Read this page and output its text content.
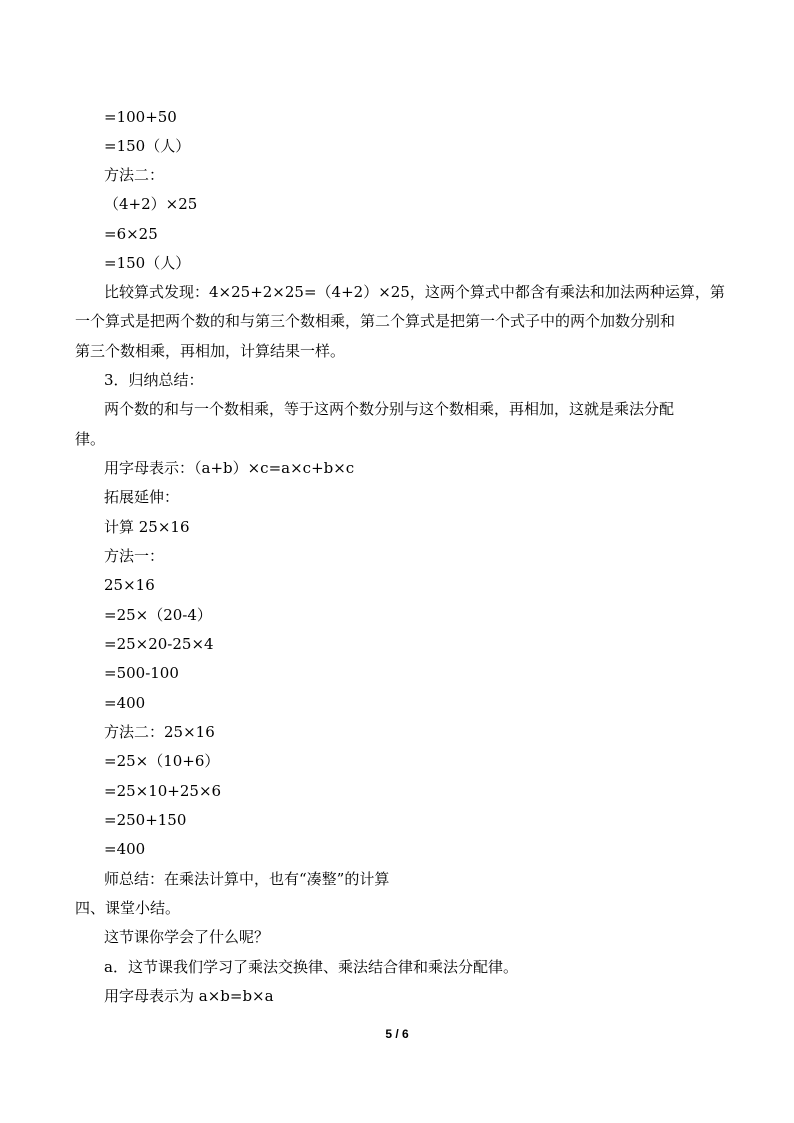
=100+50
=150（人）
方法二：
（4+2）×25
=6×25
=150（人）
比较算式发现：4×25+2×25=（4+2）×25，这两个算式中都含有乘法和加法两种运算，第
一个算式是把两个数的和与第三个数相乘，第二个算式是把第一个式子中的两个加数分别和
第三个数相乘，再相加，计算结果一样。
3．归纳总结：
两个数的和与一个数相乘，等于这两个数分别与这个数相乘，再相加，这就是乘法分配
律。
用字母表示：（a+b）×c=a×c+b×c
拓展延伸：
计算 25×16
方法一：
25×16
=25×（20-4）
=25×20-25×4
=500-100
=400
方法二：25×16
=25×（10+6）
=25×10+25×6
=250+150
=400
师总结：在乘法计算中，也有“凑整”的计算
四、课堂小结。
这节课你学会了什么呢？
a．这节课我们学习了乘法交换律、乘法结合律和乘法分配律。
用字母表示为 a×b=b×a
5 / 6
